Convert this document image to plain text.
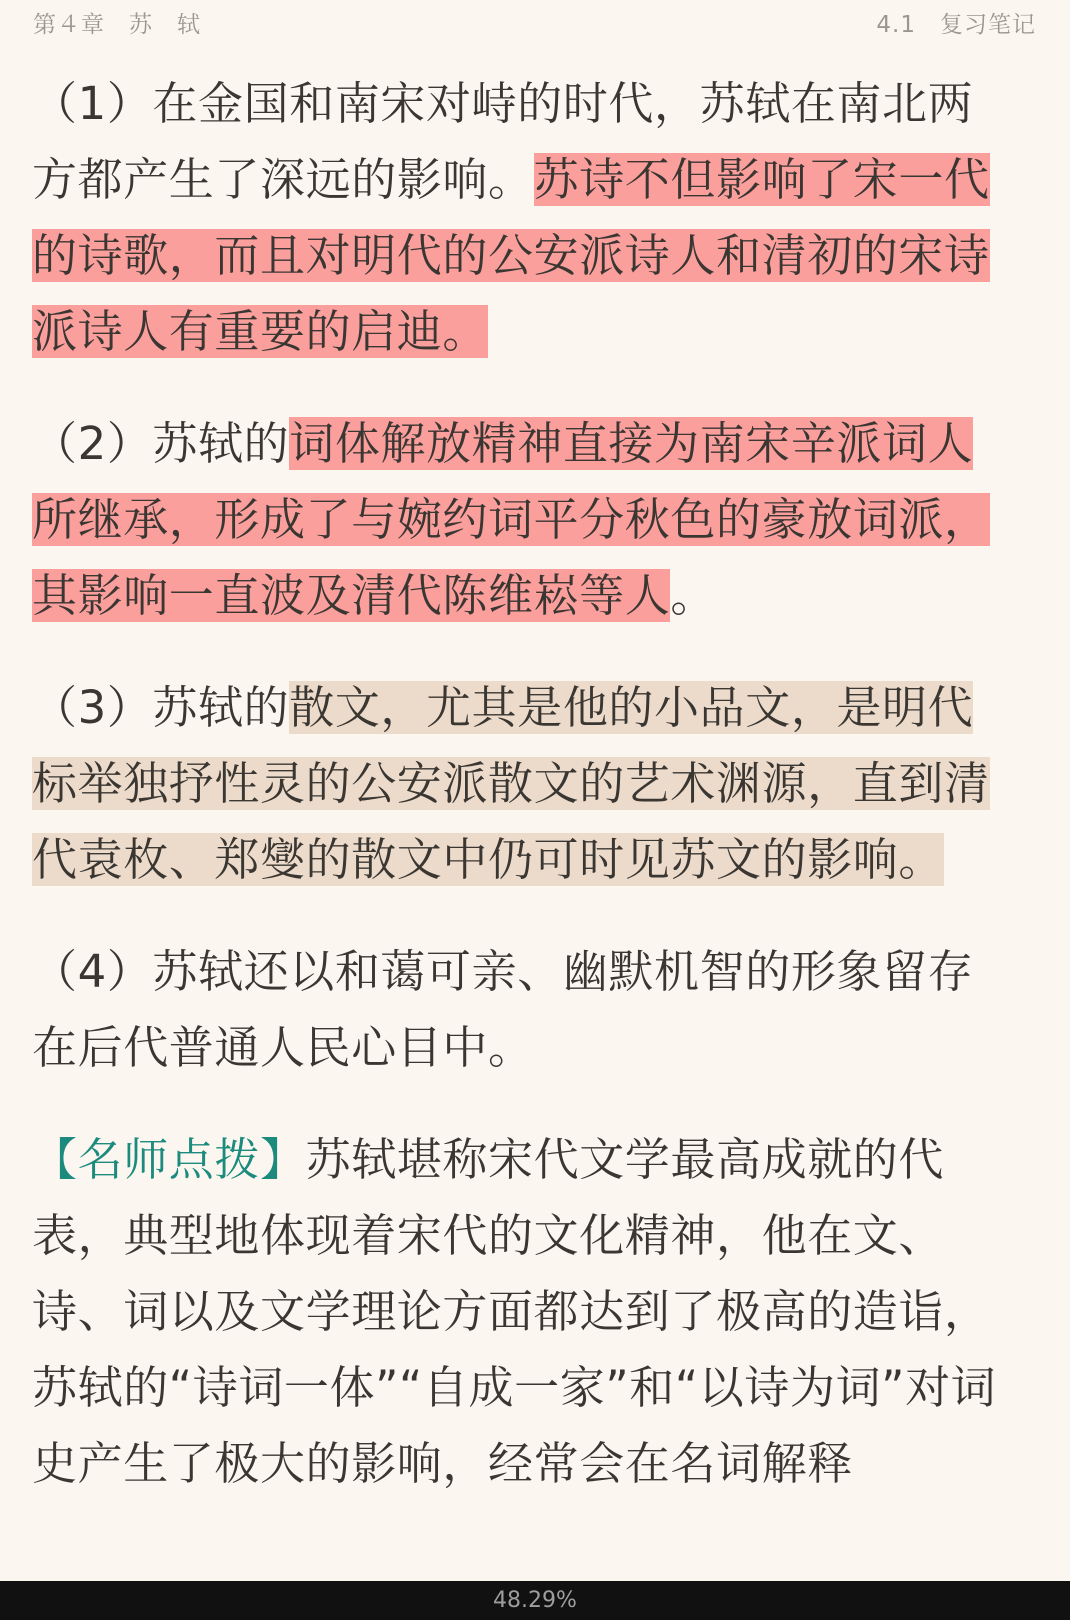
第４章　苏　轼	4.1　复习笔记

（1）在金国和南宋对峙的时代，苏轼在南北两方都产生了深远的影响。苏诗不但影响了宋一代的诗歌，而且对明代的公安派诗人和清初的宋诗派诗人有重要的启迪。

（2）苏轼的词体解放精神直接为南宋辛派词人所继承，形成了与婉约词平分秋色的豪放词派，其影响一直波及清代陈维崧等人。

（3）苏轼的散文，尤其是他的小品文，是明代标举独抒性灵的公安派散文的艺术渊源，直到清代袁枚、郑燮的散文中仍可时见苏文的影响。

（4）苏轼还以和蔼可亲、幽默机智的形象留存在后代普通人民心目中。

【名师点拨】苏轼堪称宋代文学最高成就的代表，典型地体现着宋代的文化精神，他在文、诗、词以及文学理论方面都达到了极高的造诣，苏轼的“诗词一体”“自成一家”和“以诗为词”对词史产生了极大的影响，经常会在名词解释

48.29%
